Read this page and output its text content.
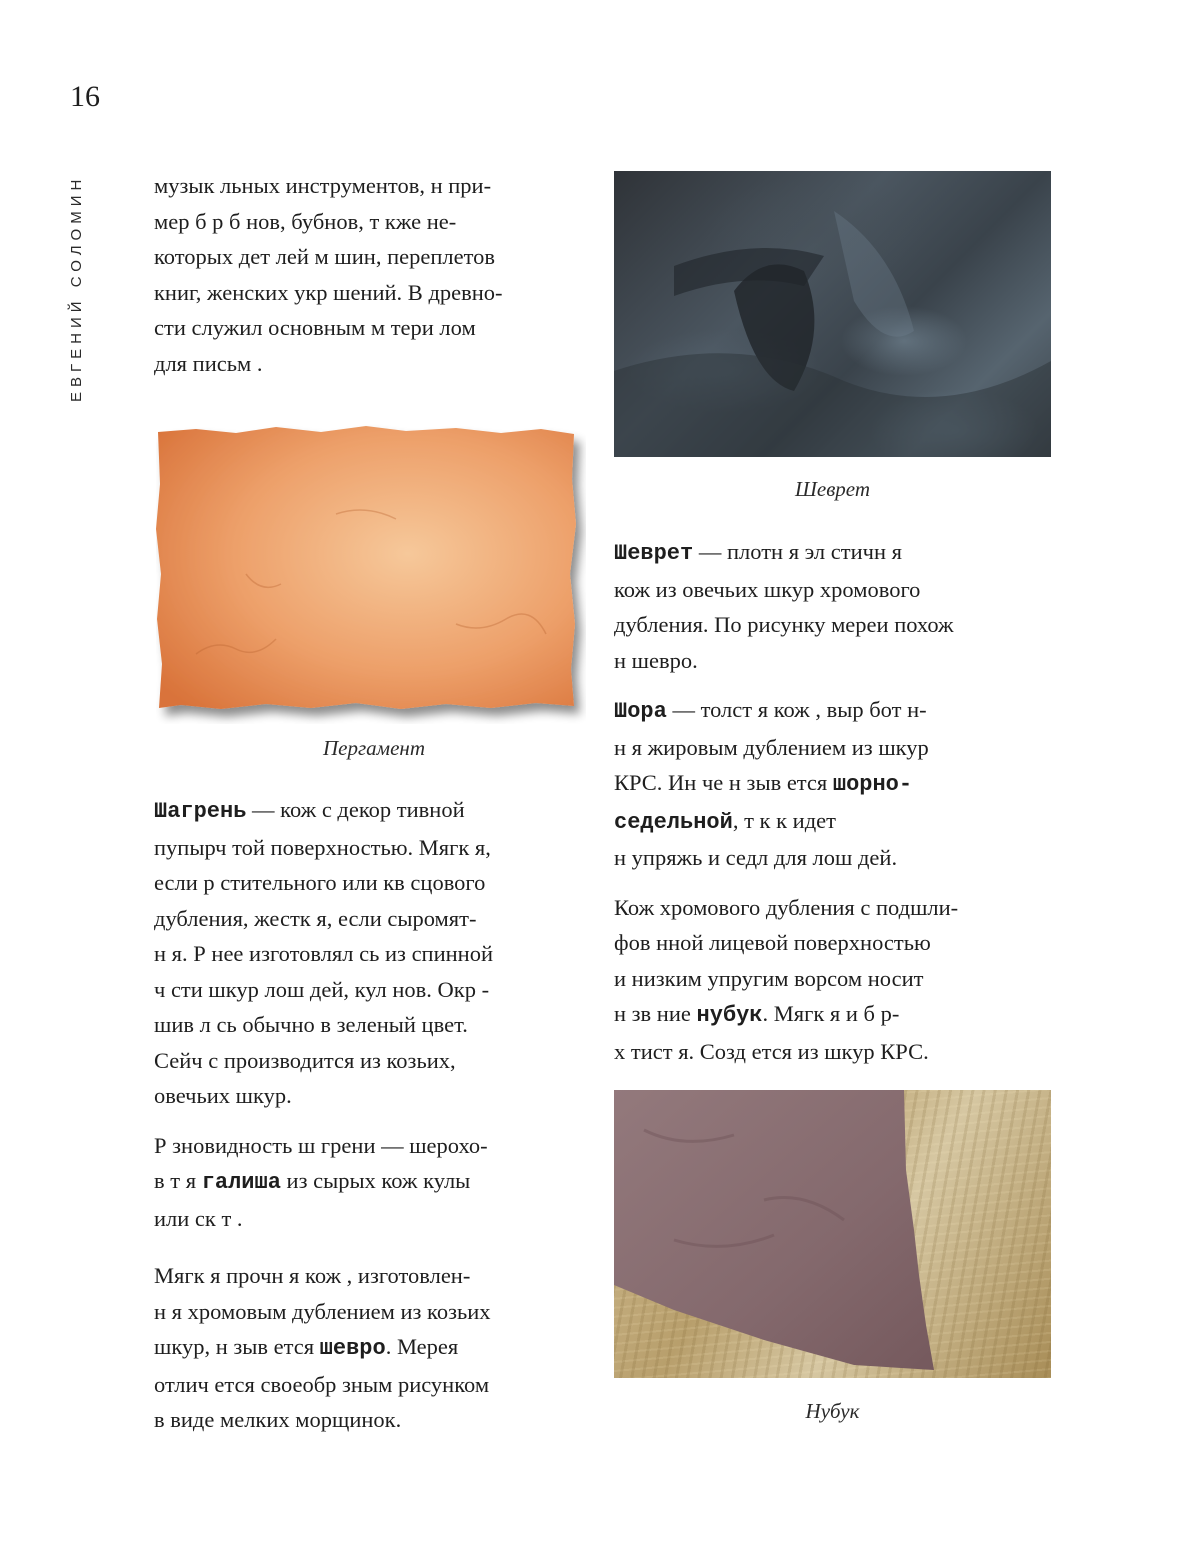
16
ЕВГЕНИЙ СОЛОМИН	музык льных инструментов, н при-
мер б р б нов, бубнов, т кже не-
которых дет лей м шин, переплетов
книг, женских укр шений. В древно-
сти служил основным м тери лом
для письм .

Пергамент

Шагрень — кож с декор тивной
пупырч той поверхностью. Мягк я,
если р стительного или кв сцового
дубления, жестк я, если сыромят-
н я. Р нее изготовлял сь из спинной
ч сти шкур лош дей, кул нов. Окр -
шив л сь обычно в зеленый цвет.
Сейч с производится из козьих,
овечьих шкур.

Р зновидность ш грени — шерохо-
в т я галиша из сырых кож кулы
или ск т .

Мягк я прочн я кож , изготовлен-
н я хромовым дублением из козьих
шкур, н зыв ется шевро. Мерея
отлич ется своеобр зным рисунком
в виде мелких морщинок.

Шеврет

Шеврет — плотн я эл стичн я
кож из овечьих шкур хромового
дубления. По рисунку мереи похож
н шевро.

Шора — толст я кож , выр бот н-
н я жировым дублением из шкур
КРС. Ин че н зыв ется шорно-
седельной, т к к идет
н упряжь и седл для лош дей.

Кож хромового дубления с подшли-
фов нной лицевой поверхностью
и низким упругим ворсом носит
н зв ние нубук. Мягк я и б р-
х тист я. Созд ется из шкур КРС.

Нубук
